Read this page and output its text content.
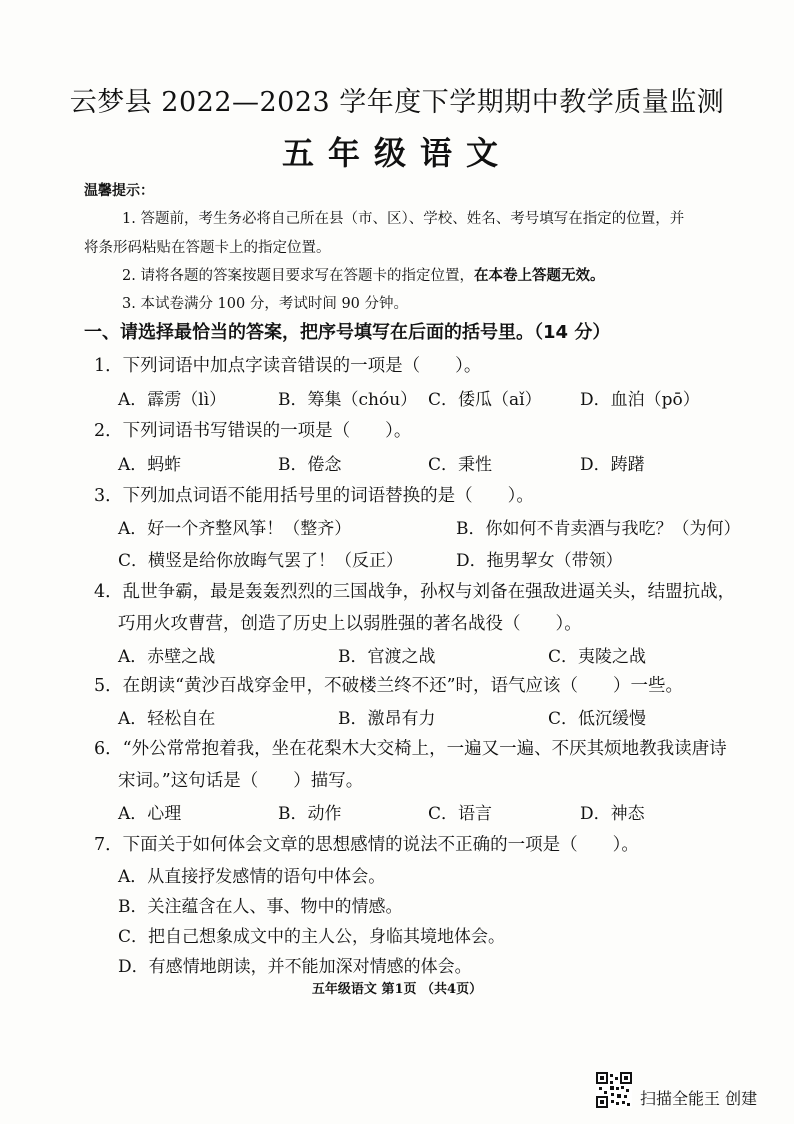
云梦县 2022—2023 学年度下学期期中教学质量监测
五年级语文
温馨提示：
1. 答题前，考生务必将自己所在县（市、区）、学校、姓名、考号填写在指定的位置，并
将条形码粘贴在答题卡上的指定位置。
2. 请将各题的答案按题目要求写在答题卡的指定位置，在本卷上答题无效。
3. 本试卷满分 100 分，考试时间 90 分钟。
一、请选择最恰当的答案，把序号填写在后面的括号里。（14 分）
1．下列词语中加点字读音错误的一项是（　　）。
A．霹雳（lì）	B．筹集（chóu） C．倭瓜（aǐ） D．血泊（pō）
2．下列词语书写错误的一项是（　　）。
A．蚂蚱	B．倦念	C．秉性	D．踌躇
3．下列加点词语不能用括号里的词语替换的是（　　）。
A．好一个齐整风筝！（整齐）	B．你如何不肯卖酒与我吃？（为何）
C．横竖是给你放晦气罢了！（反正）	D．拖男挈女（带领）
4．乱世争霸，最是轰轰烈烈的三国战争，孙权与刘备在强敌进逼关头，结盟抗战，
巧用火攻曹营，创造了历史上以弱胜强的著名战役（　　）。
A．赤壁之战	B．官渡之战	C．夷陵之战
5．在朗读“黄沙百战穿金甲，不破楼兰终不还”时，语气应该（　　）一些。
A．轻松自在	B．激昂有力	C．低沉缓慢
6．“外公常常抱着我，坐在花梨木大交椅上，一遍又一遍、不厌其烦地教我读唐诗
宋词。”这句话是（　　）描写。
A．心理	B．动作	C．语言	D．神态
7．下面关于如何体会文章的思想感情的说法不正确的一项是（　　）。
A．从直接抒发感情的语句中体会。
B．关注蕴含在人、事、物中的情感。
C．把自己想象成文中的主人公，身临其境地体会。
D．有感情地朗读，并不能加深对情感的体会。
五年级语文 第1页 （共4页）
扫描全能王 创建
